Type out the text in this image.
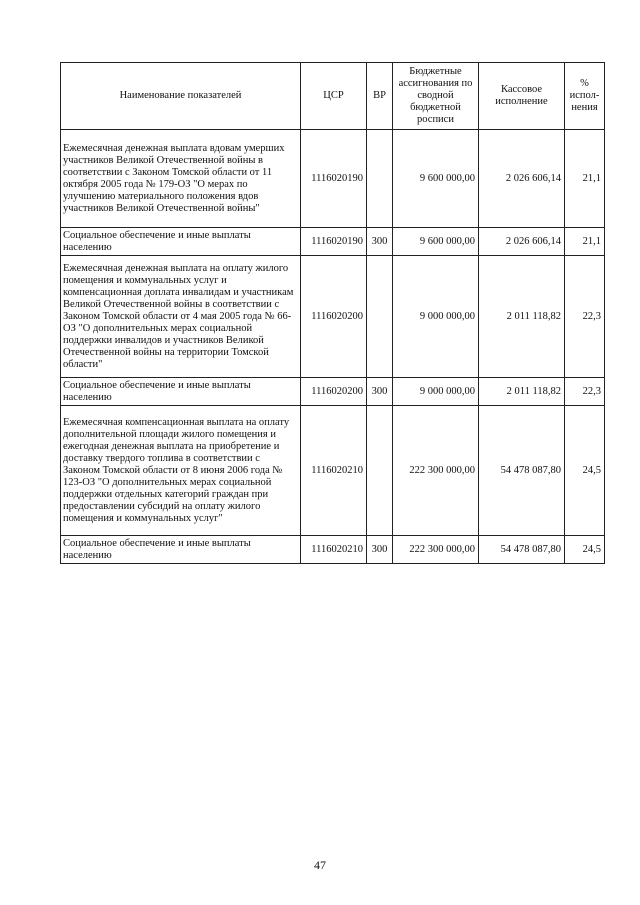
Наименование показателей	ЦСР	ВР	Бюджетные ассигнования по сводной бюджетной росписи	Кассовое исполнение	% испол-нения
Ежемесячная денежная выплата вдовам умерших участников Великой Отечественной войны в соответствии с Законом Томской области от 11 октября 2005 года № 179-ОЗ "О мерах по улучшению материального положения вдов участников Великой Отечественной войны"	1116020190		9 600 000,00	2 026 606,14	21,1
Социальное обеспечение и иные выплаты населению	1116020190	300	9 600 000,00	2 026 606,14	21,1
Ежемесячная денежная выплата на оплату жилого помещения и коммунальных услуг и компенсационная доплата инвалидам и участникам Великой Отечественной войны в соответствии с Законом Томской области от 4 мая 2005 года № 66-ОЗ "О дополнительных мерах социальной поддержки инвалидов и участников Великой Отечественной войны на территории Томской области"	1116020200		9 000 000,00	2 011 118,82	22,3
Социальное обеспечение и иные выплаты населению	1116020200	300	9 000 000,00	2 011 118,82	22,3
Ежемесячная компенсационная выплата на оплату дополнительной площади жилого помещения и ежегодная денежная выплата на приобретение и доставку твердого топлива в соответствии с Законом Томской области от 8 июня 2006 года № 123-ОЗ "О дополнительных мерах социальной поддержки отдельных категорий граждан при предоставлении субсидий на оплату жилого помещения и коммунальных услуг"	1116020210		222 300 000,00	54 478 087,80	24,5
Социальное обеспечение и иные выплаты населению	1116020210	300	222 300 000,00	54 478 087,80	24,5
47
